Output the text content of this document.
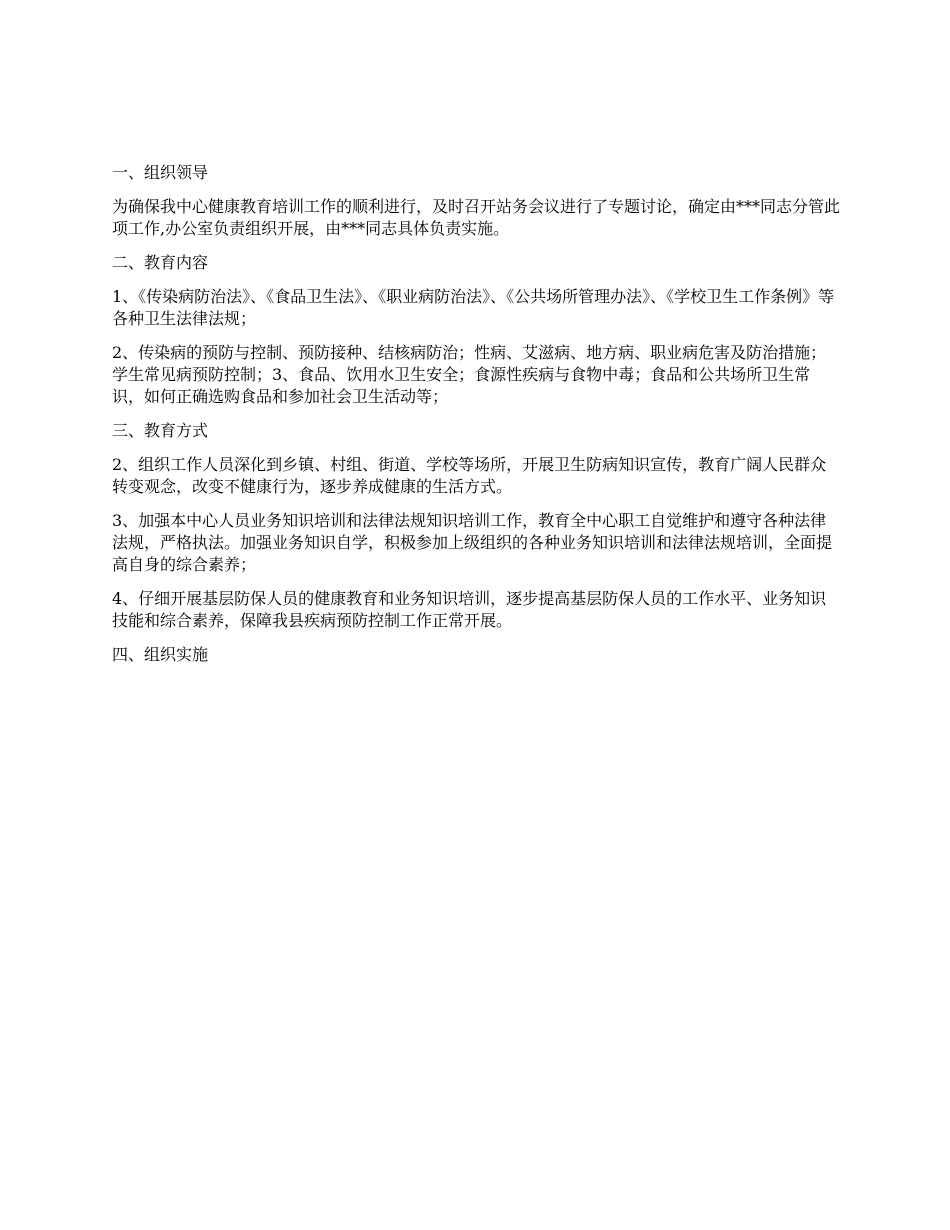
一、组织领导

为确保我中心健康教育培训工作的顺利进行，及时召开站务会议进行了专题讨论，确定由***同志分管此项工作,办公室负责组织开展，由***同志具体负责实施。

二、教育内容

1、《传染病防治法》、《食品卫生法》、《职业病防治法》、《公共场所管理办法》、《学校卫生工作条例》等各种卫生法律法规；

2、传染病的预防与控制、预防接种、结核病防治；性病、艾滋病、地方病、职业病危害及防治措施；学生常见病预防控制；3、食品、饮用水卫生安全；食源性疾病与食物中毒；食品和公共场所卫生常识，如何正确选购食品和参加社会卫生活动等；

三、教育方式

2、组织工作人员深化到乡镇、村组、街道、学校等场所，开展卫生防病知识宣传，教育广阔人民群众转变观念，改变不健康行为，逐步养成健康的生活方式。

3、加强本中心人员业务知识培训和法律法规知识培训工作，教育全中心职工自觉维护和遵守各种法律法规，严格执法。加强业务知识自学，积极参加上级组织的各种业务知识培训和法律法规培训，全面提高自身的综合素养；

4、仔细开展基层防保人员的健康教育和业务知识培训，逐步提高基层防保人员的工作水平、业务知识技能和综合素养，保障我县疾病预防控制工作正常开展。

四、组织实施
